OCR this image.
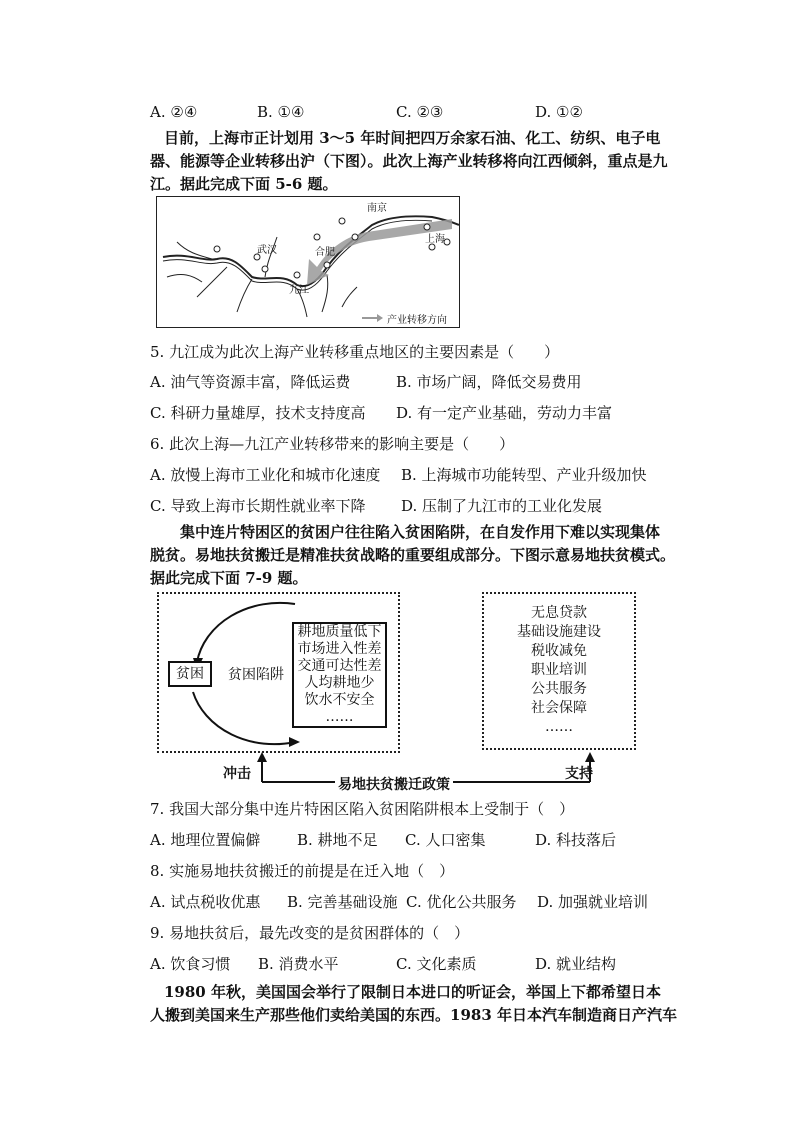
A. ②④	B. ①④	C. ②③	D. ①②
目前，上海市正计划用 3～5 年时间把四万余家石油、化工、纺织、电子电
器、能源等企业转移出沪（下图）。此次上海产业转移将向江西倾斜，重点是九
江。据此完成下面 5-6 题。
南京
合肥
上海
武汉
九江
产业转移方向
5. 九江成为此次上海产业转移重点地区的主要因素是（　　）
A. 油气等资源丰富，降低运费	B. 市场广阔，降低交易费用
C. 科研力量雄厚，技术支持度高 D. 有一定产业基础，劳动力丰富
6. 此次上海—九江产业转移带来的影响主要是（　　）
A. 放慢上海市工业化和城市化速度 B. 上海城市功能转型、产业升级加快
C. 导致上海市长期性就业率下降 D. 压制了九江市的工业化发展
集中连片特困区的贫困户往往陷入贫困陷阱，在自发作用下难以实现集体
脱贫。易地扶贫搬迁是精准扶贫战略的重要组成部分。下图示意易地扶贫模式。
据此完成下面 7-9 题。
贫困	贫困陷阱
耕地质量低下
市场进入性差
交通可达性差
人均耕地少
饮水不安全
……
无息贷款
基础设施建设
税收减免
职业培训
公共服务
社会保障
……
冲击
易地扶贫搬迁政策
支持
7. 我国大部分集中连片特困区陷入贫困陷阱根本上受制于（　）
A. 地理位置偏僻 B. 耕地不足 C. 人口密集	D. 科技落后
8. 实施易地扶贫搬迁的前提是在迁入地（　）
A. 试点税收优惠 B. 完善基础设施 C. 优化公共服务 D. 加强就业培训
9. 易地扶贫后，最先改变的是贫困群体的（　）
A. 饮食习惯 B. 消费水平	C. 文化素质	D. 就业结构
1980 年秋，美国国会举行了限制日本进口的听证会，举国上下都希望日本
人搬到美国来生产那些他们卖给美国的东西。1983 年日本汽车制造商日产汽车
